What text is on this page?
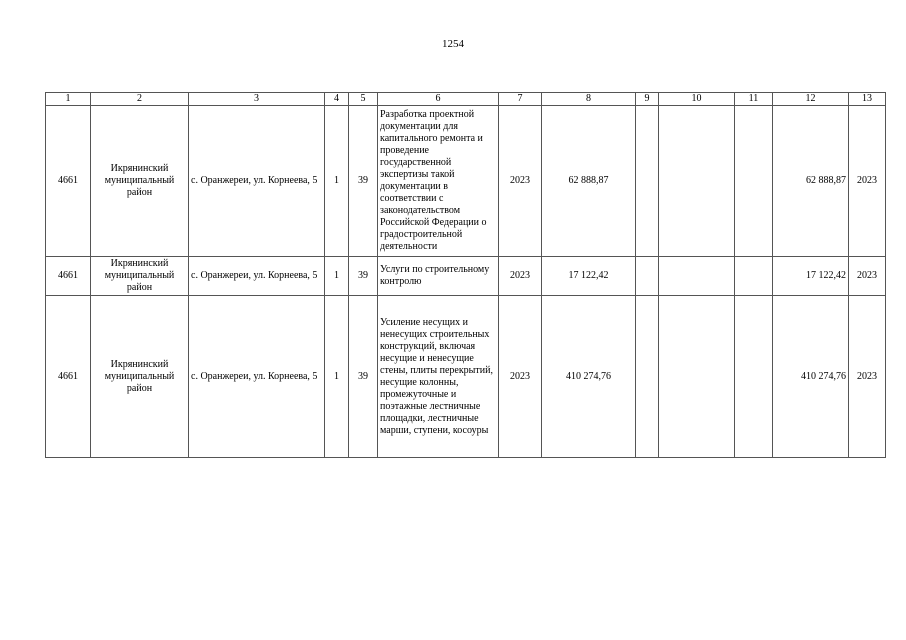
1254
1	2	3	4	5	6	7	8	9	10	11	12	13
4661	Икрянинский муниципальный район	с. Оранжереи, ул. Корнеева, 5	1	39	Разработка проектной документации для капитального ремонта и проведение государственной экспертизы такой документации в соответствии с законодательством Российской Федерации о градостроительной деятельности	2023	62 888,87				62 888,87	2023
4661	Икрянинский муниципальный район	с. Оранжереи, ул. Корнеева, 5	1	39	Услуги по строительному контролю	2023	17 122,42				17 122,42	2023
4661	Икрянинский муниципальный район	с. Оранжереи, ул. Корнеева, 5	1	39	Усиление несущих и ненесущих строительных конструкций, включая несущие и ненесущие стены, плиты перекрытий, несущие колонны, промежуточные и поэтажные лестничные площадки, лестничные марши, ступени, косоуры	2023	410 274,76				410 274,76	2023
